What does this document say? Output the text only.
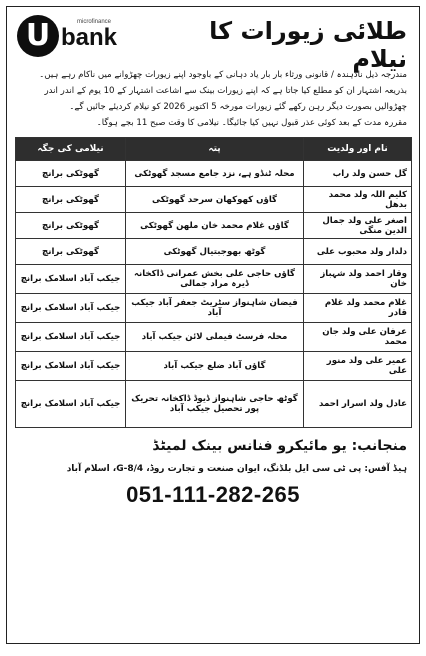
U	microfinance
bank	طلائی زیورات کا نیلام

مندرجہ ذیل نادہندہ / قانونی ورثاء بار بار یاد دہانی کے باوجود اپنے زیورات چھڑوانے میں ناکام رہے ہیں۔

بذریعہ اشتہار ان کو مطلع کیا جاتا ہے کہ اپنے زیورات بینک سے اشاعت اشتہار کے 10 یوم کے اندر اندر

چھڑوالیں بصورت دیگر رہن رکھے گئے زیورات مورخہ 5 اکتوبر 2026 کو نیلام کردیئے جائیں گے۔

مقررہ مدت کے بعد کوئی عذر قبول نہیں کیا جائیگا۔ نیلامی کا وقت صبح 11 بجے ہوگا۔

نام اور ولدیت	پتہ	نیلامی کی جگہ
گل حسن ولد راب	محلہ ٹنڈو ہے، نزد جامع مسجد گھوٹکی	گھوٹکی برانچ
کلیم اللہ ولد محمد بدھل	گاؤں کھوکھان سرحد گھوٹکی	گھوٹکی برانچ
اصغر علی ولد جمال الدین منگی	گاؤں غلام محمد خان ملهن گھوٹکی	گھوٹکی برانچ
دلدار ولد محبوب علی	گوٹھ بھوجبتیال گھوٹکی	گھوٹکی برانچ
وقار احمد ولد شہباز خان	گاؤں حاجی علی بخش عمرانی ڈاکخانہ ڈیرہ مراد جمالی	جیکب آباد اسلامک برانچ
غلام محمد ولد غلام قادر	فیضان شاہنواز سٹریٹ جعفر آباد جیکب آباد	جیکب آباد اسلامک برانچ
عرفان علی ولد جان محمد	محلہ فرسٹ فیملی لائن جیکب آباد	جیکب آباد اسلامک برانچ
عمیر علی ولد منور علی	گاؤں آباد ضلع جیکب آباد	جیکب آباد اسلامک برانچ
عادل ولد اسرار احمد	گوٹھ حاجی شاہنواز ڈیوڈ ڈاکخانہ تحریک پور تحصیل جیکب آباد	جیکب آباد اسلامک برانچ
منجانب: یو مائیکرو فنانس بینک لمیٹڈ
ہیڈ آفس: پی ٹی سی ایل بلڈنگ، ایوان صنعت و تجارت روڈ، G-8/4، اسلام آباد
051-111-282-265
